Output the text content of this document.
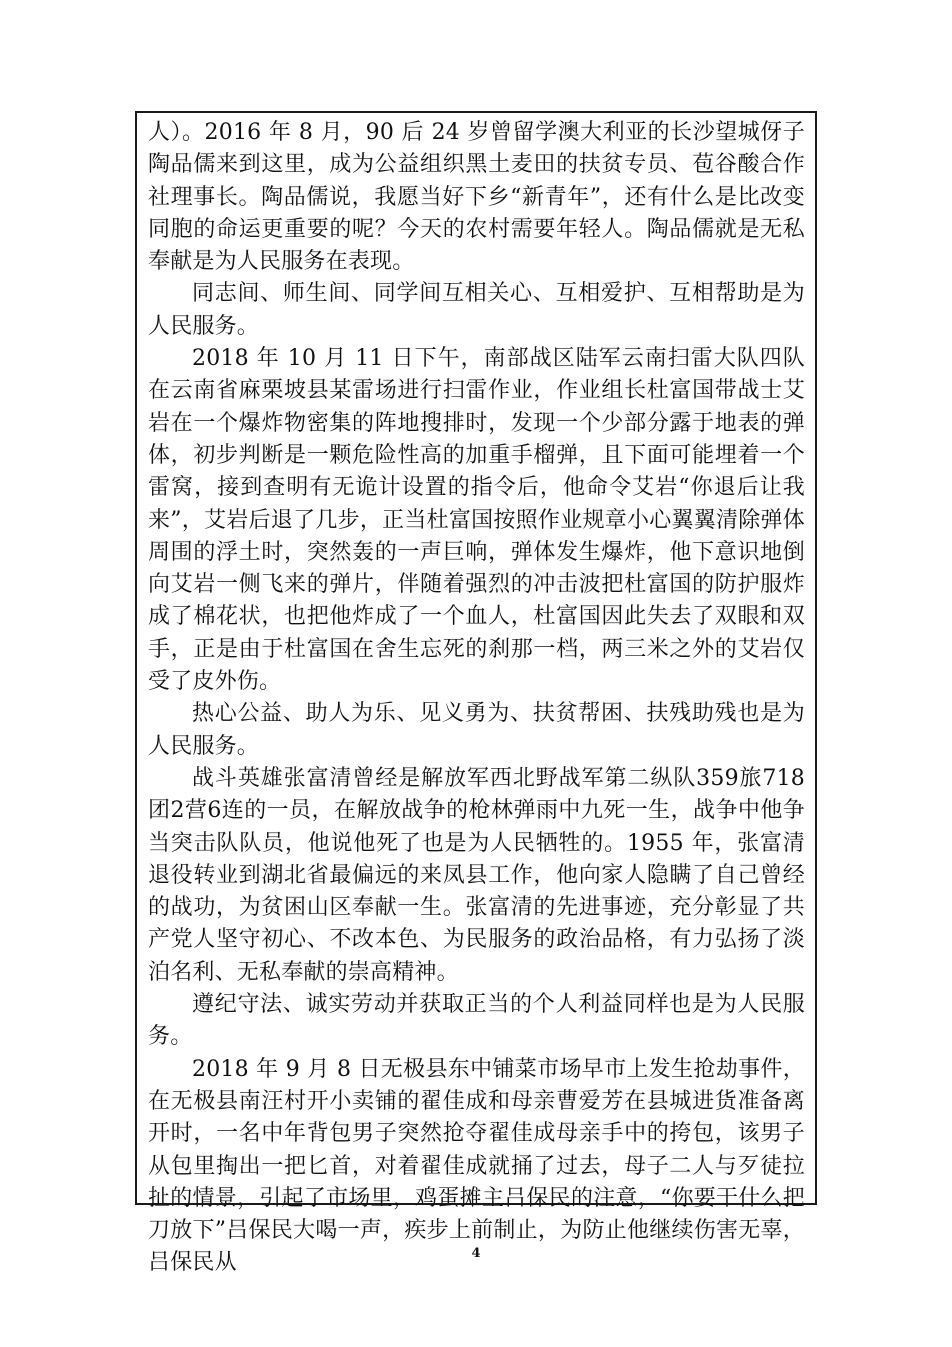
人）。2016 年 8 月，90 后 24 岁曾留学澳大利亚的长沙望城伢子陶品儒来到这里，成为公益组织黑土麦田的扶贫专员、苞谷酸合作社理事长。陶品儒说，我愿当好下乡“新青年”，还有什么是比改变同胞的命运更重要的呢？今天的农村需要年轻人。陶品儒就是无私奉献是为人民服务在表现。

同志间、师生间、同学间互相关心、互相爱护、互相帮助是为人民服务。

2018 年 10 月 11 日下午，南部战区陆军云南扫雷大队四队在云南省麻栗坡县某雷场进行扫雷作业，作业组长杜富国带战士艾岩在一个爆炸物密集的阵地搜排时，发现一个少部分露于地表的弹体，初步判断是一颗危险性高的加重手榴弹，且下面可能埋着一个雷窝，接到查明有无诡计设置的指令后，他命令艾岩“你退后让我来”，艾岩后退了几步，正当杜富国按照作业规章小心翼翼清除弹体周围的浮土时，突然轰的一声巨响，弹体发生爆炸，他下意识地倒向艾岩一侧飞来的弹片，伴随着强烈的冲击波把杜富国的防护服炸成了棉花状，也把他炸成了一个血人，杜富国因此失去了双眼和双手，正是由于杜富国在舍生忘死的刹那一档，两三米之外的艾岩仅受了皮外伤。

热心公益、助人为乐、见义勇为、扶贫帮困、扶残助残也是为人民服务。

战斗英雄张富清曾经是解放军西北野战军第二纵队359旅718团2营6连的一员，在解放战争的枪林弹雨中九死一生，战争中他争当突击队队员，他说他死了也是为人民牺牲的。1955 年，张富清退役转业到湖北省最偏远的来凤县工作，他向家人隐瞒了自己曾经的战功，为贫困山区奉献一生。张富清的先进事迹，充分彰显了共产党人坚守初心、不改本色、为民服务的政治品格，有力弘扬了淡泊名利、无私奉献的崇高精神。

遵纪守法、诚实劳动并获取正当的个人利益同样也是为人民服务。

2018 年 9 月 8 日无极县东中铺菜市场早市上发生抢劫事件，在无极县南汪村开小卖铺的翟佳成和母亲曹爱芳在县城进货准备离开时，一名中年背包男子突然抢夺翟佳成母亲手中的挎包，该男子从包里掏出一把匕首，对着翟佳成就捅了过去，母子二人与歹徒拉扯的情景，引起了市场里，鸡蛋摊主吕保民的注意，“你要干什么把刀放下”吕保民大喝一声，疾步上前制止，为防止他继续伤害无辜，吕保民从	4
